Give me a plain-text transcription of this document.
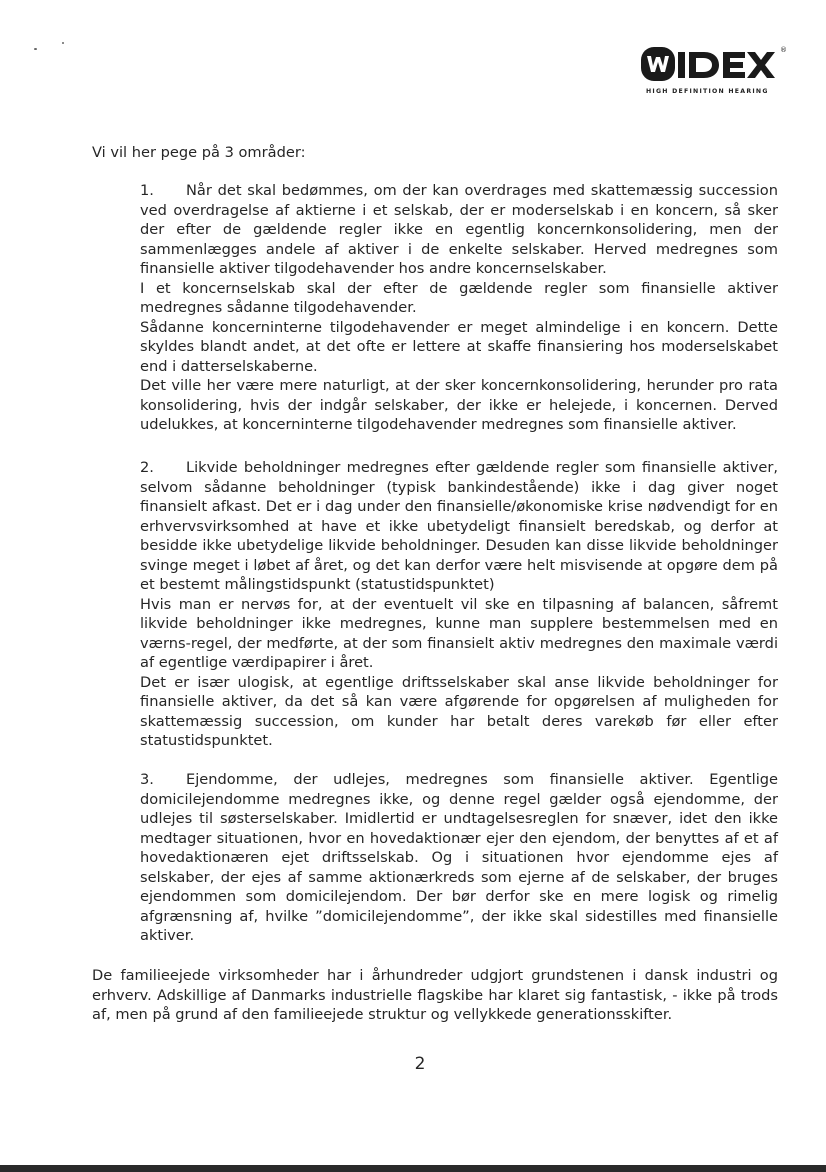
®
HIGH DEFINITION HEARING

Vi vil her pege på 3 områder:

1. Når det skal bedømmes, om der kan overdrages med skattemæssig succession ved overdragelse af aktierne i et selskab, der er moderselskab i en koncern, så sker der efter de gældende regler ikke en egentlig koncernkonsolidering, men der sammenlægges andele af aktiver i de enkelte selskaber. Herved medregnes som finansielle aktiver tilgodehavender hos andre koncernselskaber.

I et koncernselskab skal der efter de gældende regler som finansielle aktiver medregnes sådanne tilgodehavender.

Sådanne koncerninterne tilgodehavender er meget almindelige i en koncern. Dette skyldes blandt andet, at det ofte er lettere at skaffe finansiering hos moderselskabet end i datterselskaberne.

Det ville her være mere naturligt, at der sker koncernkonsolidering, herunder pro rata konsolidering, hvis der indgår selskaber, der ikke er helejede, i koncernen. Derved udelukkes, at koncerninterne tilgodehavender medregnes som finansielle aktiver.

2. Likvide beholdninger medregnes efter gældende regler som finansielle aktiver, selvom sådanne beholdninger (typisk bankindestående) ikke i dag giver noget finansielt afkast. Det er i dag under den finansielle/økonomiske krise nødvendigt for en erhvervsvirksomhed at have et ikke ubetydeligt finansielt beredskab, og derfor at besidde ikke ubetydelige likvide beholdninger. Desuden kan disse likvide beholdninger svinge meget i løbet af året, og det kan derfor være helt misvisende at opgøre dem på et bestemt målingstidspunkt (statustidspunktet)

Hvis man er nervøs for, at der eventuelt vil ske en tilpasning af balancen, såfremt likvide beholdninger ikke medregnes, kunne man supplere bestemmelsen med en værns-regel, der medførte, at der som finansielt aktiv medregnes den maximale værdi af egentlige værdipapirer i året.

Det er især ulogisk, at egentlige driftsselskaber skal anse likvide beholdninger for finansielle aktiver, da det så kan være afgørende for opgørelsen af muligheden for skattemæssig succession, om kunder har betalt deres varekøb før eller efter statustidspunktet.

3. Ejendomme, der udlejes, medregnes som finansielle aktiver. Egentlige domicilejendomme medregnes ikke, og denne regel gælder også ejendomme, der udlejes til søsterselskaber. Imidlertid er undtagelsesreglen for snæver, idet den ikke medtager situationen, hvor en hovedaktionær ejer den ejendom, der benyttes af et af hovedaktionæren ejet driftsselskab. Og i situationen hvor ejendomme ejes af selskaber, der ejes af samme aktionærkreds som ejerne af de selskaber, der bruges ejendommen som domicilejendom. Der bør derfor ske en mere logisk og rimelig afgrænsning af, hvilke ”domicilejendomme”, der ikke skal sidestilles med finansielle aktiver.

De familieejede virksomheder har i århundreder udgjort grundstenen i dansk industri og erhverv. Adskillige af Danmarks industrielle flagskibe har klaret sig fantastisk, - ikke på trods af, men på grund af den familieejede struktur og vellykkede generationsskifter.

2
